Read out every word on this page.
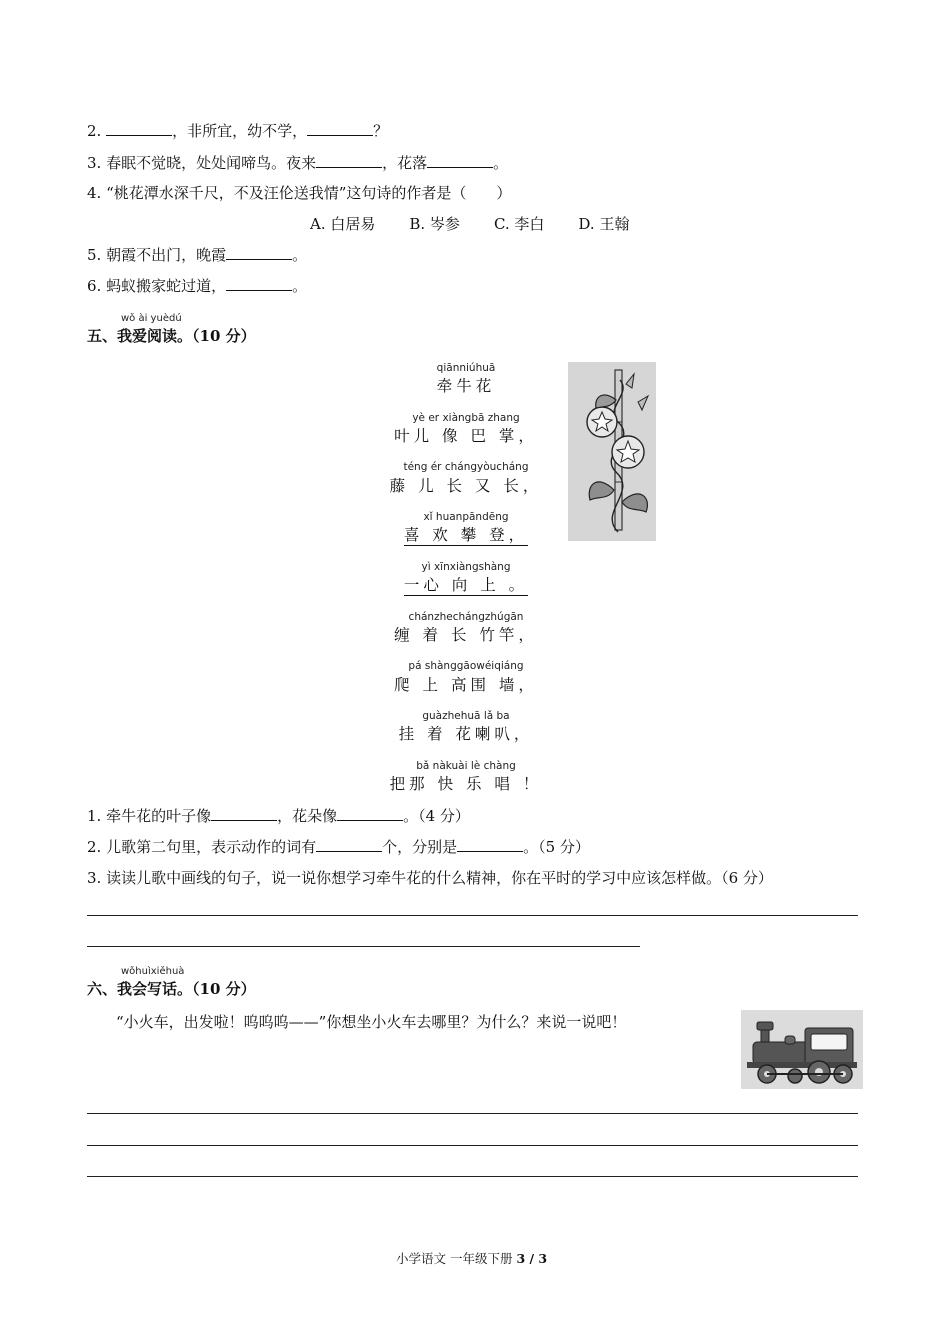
2.	，非所宜，幼不学，	？
3. 春眠不觉晓，处处闻啼鸟。夜来	，花落	。
4. “桃花潭水深千尺，不及汪伦送我情”这句诗的作者是（　　）
A. 白居易 B. 岑参 C. 李白 D. 王翰
5. 朝霞不出门，晚霞	。
6. 蚂蚁搬家蛇过道，	。
wǒ ài yuèdú
五、我爱阅读。（10 分）
qiānniúhuā
牵牛花
yè er xiàngbā zhang
叶儿 像 巴 掌，
téng ér chángyòucháng
藤 儿 长 又 长，
xǐ huanpāndēng
喜 欢 攀 登，
yì xīnxiàngshàng
一心 向 上 。
chánzhechángzhúgān
缠 着 长 竹竿，
pá shànggāowéiqiáng
爬 上 高围 墙，
guàzhehuā lǎ ba
挂 着 花喇叭，
bǎ nàkuài lè chàng
把那 快 乐 唱 ！
1. 牵牛花的叶子像	，花朵像	。（4 分）
2. 儿歌第二句里，表示动作的词有	个，分别是	。（5 分）
3. 读读儿歌中画线的句子，说一说你想学习牵牛花的什么精神，你在平时的学习中应该怎样做。（6 分）
wǒhuìxiěhuà
六、我会写话。（10 分）
“小火车，出发啦！呜呜呜——”你想坐小火车去哪里？为什么？来说一说吧！
小学语文 一年级下册 3 / 3
